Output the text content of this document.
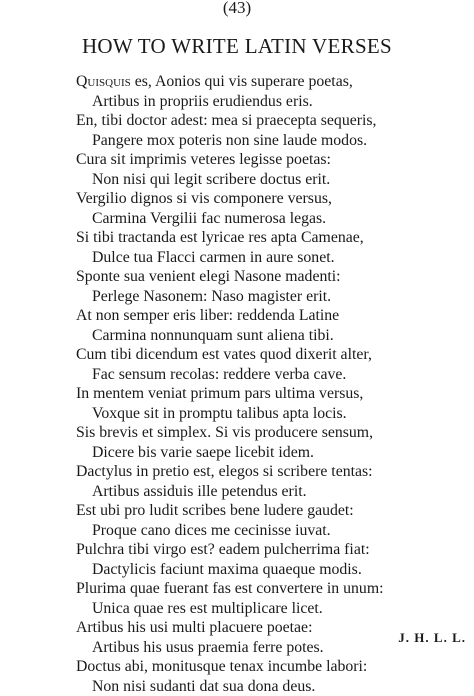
(43)
HOW TO WRITE LATIN VERSES
Quisquis es, Aonios qui vis superare poetas,
Artibus in propriis erudiendus eris.
En, tibi doctor adest: mea si praecepta sequeris,
Pangere mox poteris non sine laude modos.
Cura sit imprimis veteres legisse poetas:
Non nisi qui legit scribere doctus erit.
Vergilio dignos si vis componere versus,
Carmina Vergilii fac numerosa legas.
Si tibi tractanda est lyricae res apta Camenae,
Dulce tua Flacci carmen in aure sonet.
Sponte sua venient elegi Nasone madenti:
Perlege Nasonem: Naso magister erit.
At non semper eris liber: reddenda Latine
Carmina nonnunquam sunt aliena tibi.
Cum tibi dicendum est vates quod dixerit alter,
Fac sensum recolas: reddere verba cave.
In mentem veniat primum pars ultima versus,
Voxque sit in promptu talibus apta locis.
Sis brevis et simplex. Si vis producere sensum,
Dicere bis varie saepe licebit idem.
Dactylus in pretio est, elegos si scribere tentas:
Artibus assiduis ille petendus erit.
Est ubi pro ludit scribes bene ludere gaudet:
Proque cano dices me cecinisse iuvat.
Pulchra tibi virgo est? eadem pulcherrima fiat:
Dactylicis faciunt maxima quaeque modis.
Plurima quae fuerant fas est convertere in unum:
Unica quae res est multiplicare licet.
Artibus his usi multi placuere poetae:
Artibus his usus praemia ferre potes.
Doctus abi, monitusque tenax incumbe labori:
Non nisi sudanti dat sua dona deus.
J. H. L. L.
